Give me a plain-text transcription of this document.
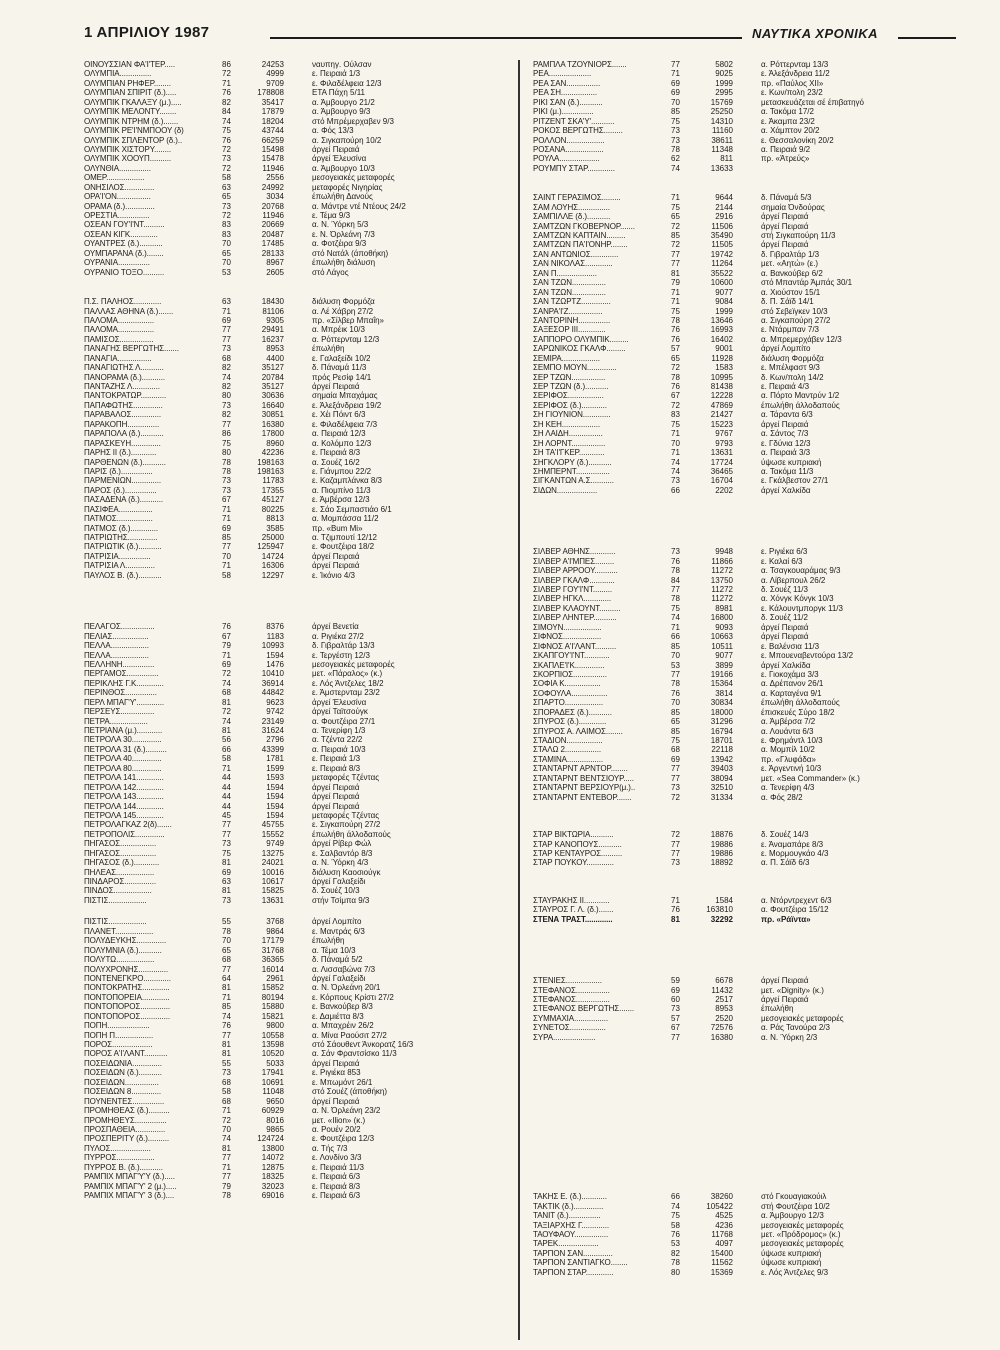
1 ΑΠΡΙΛΙΟΥ 1987	ΝΑΥΤΙΚΑ ΧΡΟΝΙΚΑ
ΟΙΝΟΥΣΣΙΑΝ ΦΑ'Ι'ΤΕΡ.....	86	24253	ναυπηγ. Ούλσαν
ΟΛΥΜΠΙΑ...............	72	4999	ε. Πειραιά 1/3
ΟΛΥΜΠΙΑΝ ΡΗΦΕΡ........	71	9709	ε. Φιλαδέλφεια 12/3
ΟΛΥΜΠΙΑΝ ΣΠΙΡΙΤ (δ.).....	76	178808	ΕΤΑ Πάχη 5/11
ΟΛΥΜΠΙΚ ΓΚΑΛΑΞΥ (μ.).....	82	35417	α. Άμβουργο 21/2
ΟΛΥΜΠΙΚ ΜΕΛΟΝΤΥ........	84	17879	α. Άμβουργο 9/3
ΟΛΥΜΠΙΚ ΝΤΡΗΜ (δ.).......	74	18204	στό Μπρέμερχαβεν 9/3
ΟΛΥΜΠΙΚ ΡΕ'Ι'ΝΜΠΟΟΥ (δ)	75	43744	α. Φός 13/3
ΟΛΥΜΠΙΚ ΣΠΛΕΝΤΟΡ (δ.)..	76	66259	α. Σιγκαπούρη 10/2
ΟΛΥΜΠΙΚ ΧΙΣΤΟΡΥ........	72	15498	άργεί Πειραιά
ΟΛΥΜΠΙΚ ΧΟΟΥΠ..........	73	15478	άργεί Έλευσίνα
ΟΛΥΝΘΙΑ...............	72	11946	α. Άμβουργο 10/3
ΟΜΕΡ..................	58	2556	μεσογειακές μεταφορές
ΟΝΗΣΙΛΟΣ..............	63	24992	μεταφορές Νιγηρίας
ΟΡΑ'Ι'ΟΝ................	65	3034	έπωλήθη Δανούς
ΟΡΑΜΑ (δ.)..............	73	20768	α. Μάντρε ντέ Ντέους 24/2
ΟΡΕΣΤΙΑ...............	72	11946	ε. Τέμα 9/3
ΟΣΕΑΝ ΓΟΥ'Ι'ΝΤ..........	83	20669	α. Ν. Ύόρκη 5/3
ΟΣΕΑΝ ΚΙΓΚ.............	83	20487	ε. Ν. Όρλεάνη 7/3
ΟΥΑΝΤΡΕΣ (δ.)...........	70	17485	α. Φοτζέιρα 9/3
ΟΥΜΠΑΡΑΝΑ (δ.)........	65	28133	στό Νατάλ (άποθήκη)
ΟΥΡΑΝΙΑ...............	70	8967	έπωλήθη διάλυση
ΟΥΡΑΝΙΟ ΤΟΞΟ..........	53	2605	στό Λάγος
Π.Σ. ΠΑΛΗΟΣ.............	63	18430	διάλυση Φορμόζα
ΠΑΛΛΑΣ ΑΘΗΝΑ (δ.).......	71	81106	α. Λέ Χάβρη 27/2
ΠΑΛΟΜΑ.................	69	9305	πρ. «Σίλβερ Μπαΐη»
ΠΑΛΟΜΑ.................	77	29491	α. Μπρέικ 10/3
ΠΑΜΙΣΟΣ................	77	16237	α. Ρόττερνταμ 12/3
ΠΑΝΑΓΗΣ ΒΕΡΓΩΤΗΣ.......	73	8953	έπωλήθη
ΠΑΝΑΓΙΑ................	68	4400	ε. Γαλαξείδι 10/2
ΠΑΝΑΓΙΩΤΗΣ Λ...........	82	35127	δ. Πάναμά 11/3
ΠΑΝΟΡΑΜΑ (δ.)...........	74	20784	πρός Ρεσίφ 14/1
ΠΑΝΤΑΖΗΣ Λ.............	82	35127	άργεί Πειραιά
ΠΑΝΤΟΚΡΑΤΩΡ............	80	30636	σημαία Μπαχάμας
ΠΑΠΑΦΩΤΗΣ..............	73	16640	ε. Άλεξάνδρεια 19/2
ΠΑΡΑΒΑΛΟΣ..............	82	30851	ε. Χέι Πόιντ 6/3
ΠΑΡΑΚΟΠΗ...............	77	16380	ε. Φιλαδέλφεια 7/3
ΠΑΡΑΠΟΛΑ (δ.)...........	86	17800	α. Πειραιά 12/3
ΠΑΡΑΣΚΕΥΗ..............	75	8960	α. Κολόμπο 12/3
ΠΑΡΗΣ ΙΙ (δ.)............	80	42236	ε. Πειραιά 8/3
ΠΑΡΘΕΝΩΝ (δ.)...........	78	198163	α. Σουέζ 16/2
ΠΑΡΙΣ (δ.)...............	78	198163	ε. Γιάνμπου 22/2
ΠΑΡΜΕΝΙΩΝ..............	73	11783	ε. Καζαμπλάνκα 8/3
ΠΑΡΟΣ (δ.)...............	73	17355	α. Πιομπίνο 11/3
ΠΑΣΑΔΕΝΑ (δ.)...........	67	45127	ε. Άμβέρσα 12/3
ΠΑΣΙΦΕΑ................	71	80225	ε. Σάο Σεμπαστιάο 6/1
ΠΑΤΜΟΣ.................	71	8813	α. Μομπάσσα 11/2
ΠΑΤΜΟΣ (δ.).............	69	3585	πρ. «Bum Mi»
ΠΑΤΡΙΩΤΗΣ..............	85	25000	α. Τζιμπουτί 12/12
ΠΑΤΡΙΩΤΙΚ (δ.)...........	77	125947	ε. Φουτζέιρα 18/2
ΠΑΤΡΙΣΙΑ...............	70	14724	άργεί Πειραιά
ΠΑΤΡΙΣΙΑ Λ..............	71	16306	άργεί Πειραιά
ΠΑΥΛΟΣ Β. (δ.)...........	58	12297	ε. Ίκόνιο 4/3
ΠΕΛΑΓΟΣ................	76	8376	άργεί Βενετία
ΠΕΛΙΑΣ.................	67	1183	α. Ριγιέκα 27/2
ΠΕΛΛΑ..................	79	10993	δ. Γιβραλτάρ 13/3
ΠΕΛΛΑ..................	71	1594	ε. Τεργέστη 12/3
ΠΕΛΛΗΝΗ...............	69	1476	μεσογειακές μεταφορές
ΠΕΡΓΑΜΟΣ...............	72	10410	μετ. «Πάραλος» (κ.)
ΠΕΡΙΚΛΗΣ Γ.Κ.............	74	36914	ε. Λός Άντζελες 18/2
ΠΕΡΙΝΘΟΣ...............	68	44842	ε. Άμστερνταμ 23/2
ΠΕΡΛ ΜΠΑΓ'Υ'.............	81	9623	άργεί Έλευσίνα
ΠΕΡΣΕΥΣ................	72	9742	άργεί Ταϊτσούγκ
ΠΕΤΡΑ..................	74	23149	α. Φουτζέιρα 27/1
ΠΕΤΡΙΑΝΑ (μ.)............	81	31624	α. Τενερίφη 1/3
ΠΕΤΡΟΛΑ 30..............	56	2796	α. Τζέντα 22/2
ΠΕΤΡΟΛΑ 31 (δ.)..........	66	43399	α. Πειραιά 10/3
ΠΕΤΡΟΛΑ 40..............	58	1781	ε. Πειραιά 1/3
ΠΕΤΡΟΛΑ 80..............	71	1599	ε. Πειραιά 8/3
ΠΕΤΡΟΛΑ 141.............	44	1593	μεταφορές Τζέντας
ΠΕΤΡΟΛΑ 142.............	44	1594	άργεί Πειραιά
ΠΕΤΡΟΛΑ 143.............	44	1594	άργεί Πειραιά
ΠΕΤΡΟΛΑ 144.............	44	1594	άργεί Πειραιά
ΠΕΤΡΟΛΑ 145.............	45	1594	μεταφορές Τζέντας
ΠΕΤΡΟΛΑΓΚΑΖ 2(δ).......	77	45755	ε. Σιγκαπούρη 27/2
ΠΕΤΡΟΠΟΛΙΣ..............	77	15552	έπωλήθη άλλοδαπούς
ΠΗΓΑΣΟΣ.................	73	9749	άργεί Ρίβερ Φώλ
ΠΗΓΑΣΟΣ.................	75	13275	ε. Σαλβαντόρ 8/3
ΠΗΓΑΣΟΣ (δ.)............	81	24021	α. Ν. Ύόρκη 4/3
ΠΗΛΕΑΣ..................	69	10016	διάλυση Καοσιούγκ
ΠΙΝΔΑΡΟΣ...............	63	10617	άργεί Γαλαξείδι
ΠΙΝΔΟΣ..................	81	15825	δ. Σουέζ 10/3
ΠΙΣΤΙΣ..................	73	13631	στήν Τσίμπα 9/3
ΠΙΣΤΙΣ..................	55	3768	άργεί Λομπίτο
ΠΛΑΝΕΤ..................	78	9864	ε. Μαντράς 6/3
ΠΟΛΥΔΕΥΚΗΣ..............	70	17179	έπωλήθη
ΠΟΛΥΜΝΙΑ (δ.)...........	65	31768	α. Τέμα 10/3
ΠΟΛΥΤΩ..................	68	36365	δ. Πάναμά 5/2
ΠΟΛΥΧΡΟΝΗΣ..............	77	16014	α. Λισσαβώνα 7/3
ΠΟΝΤΕΝΕΓΚΡΟ.............	64	2961	άργεί Γαλαξείδι
ΠΟΝΤΟΚΡΑΤΗΣ.............	81	15852	α. Ν. Όρλεάνη 20/1
ΠΟΝΤΟΠΟΡΕΙΑ.............	71	80194	ε. Κόρπους Κρίστι 27/2
ΠΟΝΤΟΠΟΡΟΣ..............	85	15880	ε. Βανκούβερ 8/3
ΠΟΝΤΟΠΟΡΟΣ..............	74	15821	ε. Δαμιέττα 8/3
ΠΟΠΗ....................	76	9800	α. Μπαχρέιν 26/2
ΠΟΠΗ Π..................	77	10558	α. Μίνα Ραούσιτ 27/2
ΠΟΡΟΣ...................	81	13598	στό Σάουθεντ Άνκορατζ 16/3
ΠΟΡΟΣ Α'Ι'ΛΑΝΤ...........	81	10520	α. Σάν Φραντσίσκο 11/3
ΠΟΣΕΙΔΩΝΙΑ..............	55	5033	άργεί Πειραιά
ΠΟΣΕΙΔΩΝ (δ.)...........	73	17941	ε. Ριγιέκα 853
ΠΟΣΕΙΔΩΝ................	68	10691	ε. Μπωμόντ 26/1
ΠΟΣΕΙΔΩΝ 8..............	58	11048	στό Σουέζ (άποθήκη)
ΠΟΥΝΕΝΤΕΣ...............	68	9650	άργεί Πειραιά
ΠΡΟΜΗΘΕΑΣ (δ.)..........	71	60929	α. Ν. Όρλεάνη 23/2
ΠΡΟΜΗΘΕΥΣ...............	72	8016	μετ. «Ilion» (κ.)
ΠΡΟΣΠΑΘΕΙΑ..............	70	9865	α. Ρουέν 20/2
ΠΡΟΣΠΕΡΙΤΥ (δ.)..........	74	124724	ε. Φουτζέιρα 12/3
ΠΥΛΟΣ...................	81	13800	α. Τής 7/3
ΠΥΡΡΟΣ..................	77	14072	ε. Λονδίνο 3/3
ΠΥΡΡΟΣ Β. (δ.)...........	71	12875	ε. Πειραιά 11/3
ΡΑΜΠΙΧ ΜΠΑΓ'Υ'Υ (δ.).....	77	18325	ε. Πειραιά 6/3
ΡΑΜΠΙΧ ΜΠΑΓ'Υ' 2 (μ.).....	79	32023	ε. Πειραιά 8/3
ΡΑΜΠΙΧ ΜΠΑΓ'Υ' 3 (δ.)....	78	69016	ε. Πειραιά 6/3
ΡΑΜΠΛΑ ΤΖΟΥΝΙΟΡΣ.......	77	5802	α. Ρόττερνταμ 13/3
ΡΕΑ....................	71	9025	ε. Άλεξάνδρεια 11/2
ΡΕΑ ΣΑΝ................	69	1999	πρ. «Παύλος ΧΙΙ»
ΡΕΑ ΣΗ.................	69	2995	ε. Κων/πολη 23/2
ΡΙΚΙ ΣΑΝ (δ.)...........	70	15769	μετασκευάζεται σέ έπιβατηγό
ΡΙΚΙ (μ.)...............	85	25250	α. Τακόμα 17/2
ΡΙΤΖΕΝΤ ΣΚΑ'Υ'...........	75	14310	ε. Άκαμπα 23/2
ΡΟΚΟΣ ΒΕΡΓΩΤΗΣ.........	73	11160	α. Χάμπτον 20/2
ΡΟΛΛΟΝ..................	73	38611	ε. Θεσσαλονίκη 20/2
ΡΟΣΑΝΑ..................	78	11348	α. Πειραιά 9/2
ΡΟΥΛΑ...................	62	811	πρ. «Άτρεύς»
ΡΟΥΜΠΥ ΣΤΑΡ.............	74	13633
ΣΑΙΝΤ ΓΕΡΑΣΙΜΟΣ.........	71	9644	δ. Πάναμά 5/3
ΣΑΜ ΛΟΥΗΣ...............	75	2144	σημαία Όνδούρας
ΣΑΜΠΙΛΛΕ (δ.)...........	65	2916	άργεί Πειραιά
ΣΑΜΤΖΩΝ ΓΚΟΒΕΡΝΟΡ.......	72	11506	άργεί Πειραιά
ΣΑΜΤΖΩΝ ΚΑΠΤΑΙΝ.........	85	35490	στή Σιγκαπούρη 11/3
ΣΑΜΤΖΩΝ ΠΑ'Ι'ΟΝΗΡ........	72	11505	άργεί Πειραιά
ΣΑΝ ΑΝΤΩΝΙΟΣ.............	77	19742	δ. Γιβραλτάρ 1/3
ΣΑΝ ΝΙΚΟΛΑΣ.............	77	11264	μετ. «Αητώ» (ε.)
ΣΑΝ Π...................	81	35522	α. Βανκούβερ 6/2
ΣΑΝ ΤΖΩΝ................	79	10600	στό Μπαντάρ Άμπάς 30/1
ΣΑΝ ΤΖΩΝ................	71	9077	α. Χιούστον 15/1
ΣΑΝ ΤΖΩΡΤΖ..............	71	9084	δ. Π. Σάϊδ 14/1
ΣΑΝΡΑ'Ι'Ζ................	75	1999	στό Σεβεϊγκεν 10/3
ΣΑΝΤΟΡΙΝΗ...............	78	13646	α. Σιγκαπούρη 27/2
ΣΑΞΕΣΟΡ ΙΙΙ.............	76	16993	ε. Ντάρμπαν 7/3
ΣΑΠΠΟΡΟ ΟΛΥΜΠΙΚ.........	76	16402	α. Μπρεμερχάβεν 12/3
ΣΑΡΩΝΙΚΟΣ ΓΚΑΛΦ.........	57	9001	άργεί Λομπίτο
ΣΕΜΙΡΑ..................	65	11928	διάλυση Φορμόζα
ΣΕΜΠΟ ΜΟΥΝ..............	72	1583	ε. Μπέλφαστ 9/3
ΣΕΡ ΤΖΩΝ................	78	10995	δ. Κων/πολη 14/2
ΣΕΡ ΤΖΩΝ (δ.)...........	76	81438	ε. Πειραιά 4/3
ΣΕΡΙΦΟΣ.................	67	12228	α. Πόρτο Μαντρύν 1/2
ΣΕΡΙΦΟΣ (δ.)............	72	47869	έπωλήθη άλλοδαπούς
ΣΗ ΓΙΟΥΝΙΟΝ.............	83	21427	α. Τάραντα 6/3
ΣΗ ΚΕΗ..................	75	15223	άργεί Πειραιά
ΣΗ ΛΑΙΔΗ................	71	9767	α. Σάντος 7/3
ΣΗ ΛΟΡΝΤ................	70	9793	ε. Γδύνια 12/3
ΣΗ ΤΑ'Ι'ΓΚΕΡ............	71	13631	α. Πειραιά 3/3
ΣΗΓΚΛΟΡΥ (δ.)...........	74	17724	ύψωσε κυπριακή
ΣΗΜΠΕΡΝΤ................	74	36465	α. Τακόμα 11/3
ΣΙΓΚΑΝΤΩΝ Α.Σ...........	73	16704	ε. Γκάλβεστον 27/1
ΣΙΔΩΝ...................	66	2202	άργεί Χαλκίδα
ΣΙΛΒΕΡ ΑΘΗΝΣ............	73	9948	ε. Ριγιέκα 6/3
ΣΙΛΒΕΡ Α'Ι'ΜΠΕΣ.........	76	11866	ε. Καλαί 6/3
ΣΙΛΒΕΡ ΑΡΡΟΟΥ...........	78	11272	α. Τσαγκουαράμας 9/3
ΣΙΛΒΕΡ ΓΚΑΛΦ............	84	13750	α. Λίβερπουλ 26/2
ΣΙΛΒΕΡ ΓΟΥ'Ι'ΝΤ.........	77	11272	δ. Σουέζ 11/3
ΣΙΛΒΕΡ ΗΓΚΛ.............	78	11272	α. Χόνγκ Κόνγκ 10/3
ΣΙΛΒΕΡ ΚΛΑΟΥΝΤ..........	75	8981	ε. Κάλουντμποργκ 11/3
ΣΙΛΒΕΡ ΛΗΝΤΕΡ...........	74	16800	δ. Σουέζ 11/2
ΣΙΜΟΥΝ..................	71	9093	άργεί Πειραιά
ΣΙΦΝΟΣ..................	66	10663	άργεί Πειραιά
ΣΙΦΝΟΣ Α'Ι'ΛΑΝΤ..........	85	10511	ε. Βαλένσια 11/3
ΣΚΑΠΓΟΥ'Ι'ΝΤ............	70	9077	ε. Μπουεναβεντούρα 13/2
ΣΚΑΠΛΕ'Ι'Κ..............	53	3899	άργεί Χαλκίδα
ΣΚΟΡΠΙΟΣ................	77	19166	ε. Γιοκοχάμα 3/3
ΣΟΦΙΑ Κ.................	78	15364	α. Δρέπανον 26/1
ΣΟΦΟΥΛΑ.................	76	3814	α. Καρταγένα 9/1
ΣΠΑΡΤΟ..................	70	30834	έπωλήθη άλλοδαπούς
ΣΠΟΡΑΔΕΣ (δ.)...........	85	18000	έπισκευές Σύρο 18/2
ΣΠΥΡΟΣ (δ.).............	65	31296	α. Άμβέρσα 7/2
ΣΠΥΡΟΣ Α. ΛΑΙΜΟΣ........	85	16794	α. Λουάντα 6/3
ΣΤΑΔΙΟΝ.................	75	18701	ε. Φρημάντλ 10/3
ΣΤΑΛΩ 2.................	68	22118	α. Μομπίλ 10/2
ΣΤΑΜΙΝΑ.................	69	13942	πρ. «Γλυφάδα»
ΣΤΑΝΤΑΡΝΤ ΑΡΝΤΟΡ........	77	39403	ε. Άργεντινή 10/3
ΣΤΑΝΤΑΡΝΤ ΒΕΝΤΣΙΟΥΡ.....	77	38094	μετ. «Sea Commander» (κ.)
ΣΤΑΝΤΑΡΝΤ ΒΕΡΣΙΟΥΡ(μ.)..	73	32510	α. Τενερίφη 4/3
ΣΤΑΝΤΑΡΝΤ ΕΝΤΕΒΟΡ.......	72	31334	α. Φός 28/2
ΣΤΑΡ ΒΙΚΤΩΡΙΑ...........	72	18876	δ. Σουέζ 14/3
ΣΤΑΡ ΚΑΝΟΠΟΥΣ...........	77	19886	ε. Άναμαπάρε 8/3
ΣΤΑΡ ΚΕΝΤΑΥΡΟΣ..........	77	19886	ε. Μορμουγκάο 4/3
ΣΤΑΡ ΠΟΥΚΟΥ.............	73	18892	α. Π. Σάϊδ 6/3
ΣΤΑΥΡΑΚΗΣ ΙΙ............	71	1584	α. Ντόρντρεχεντ 6/3
ΣΤΑΥΡΟΣ Γ. Λ. (δ.).......	76	163810	α. Φουτζέιρα 15/12
ΣΤΕΝΑ ΤΡΑΣΤ.............	81	32292	πρ. «Ράϊντα»
ΣΤΕΝΙΕΣ.................	59	6678	άργεί Πειραιά
ΣΤΕΦΑΝΟΣ................	69	11432	μετ. «Dignity» (κ.)
ΣΤΕΦΑΝΟΣ................	60	2517	άργεί Πειραιά
ΣΤΕΦΑΝΟΣ ΒΕΡΓΩΤΗΣ.......	73	8953	έπωλήθη
ΣΥΜΜΑΧΙΑ................	57	2520	μεσογειακές μεταφορές
ΣΥΝΕΤΟΣ.................	67	72576	α. Ράς Τανούρα 2/3
ΣΥΡΑ....................	77	16380	α. Ν. Ύόρκη 2/3
ΤΑΚΗΣ Ε. (δ.)............	66	38260	στό Γκουαγιακούιλ
ΤΑΚΤΙΚ (δ.)..............	74	105422	στή Φουτζέιρα 10/2
ΤΑΝΙΤ (δ.)...............	75	4525	α. Άμβουργο 12/3
ΤΑΞΙΑΡΧΗΣ Γ.............	58	4236	μεσογειακές μεταφορές
ΤΑΟΥΦΑΟΥ................	76	11768	μετ. «Πρόδρομος» (κ.)
ΤΑΡΕΚ...................	53	4097	μεσογειακές μεταφορές
ΤΑΡΠΟΝ ΣΑΝ..............	82	15400	ύψωσε κυπριακή
ΤΑΡΠΟΝ ΣΑΝΤΙΑΓΚΟ........	78	11562	ύψωσε κυπριακή
ΤΑΡΠΟΝ ΣΤΑΡ.............	80	15369	ε. Λός Άντζελες 9/3
